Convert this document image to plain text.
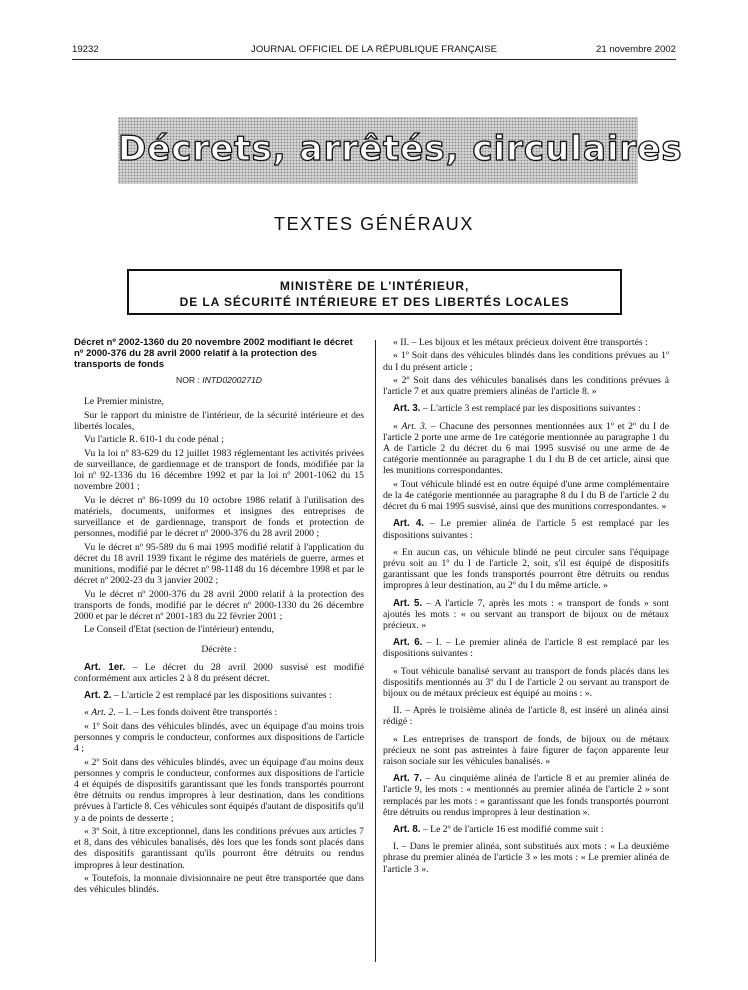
JOURNAL OFFICIEL DE LA RÉPUBLIQUE FRANÇAISE
19232	21 novembre 2002
Décrets, arrêtés, circulaires
TEXTES GÉNÉRAUX
MINISTÈRE DE L'INTÉRIEUR,
DE LA SÉCURITÉ INTÉRIEURE ET DES LIBERTÉS LOCALES

Décret nº 2002-1360 du 20 novembre 2002 modifiant le décret nº 2000-376 du 28 avril 2000 relatif à la protection des transports de fonds

NOR : INTD0200271D

Le Premier ministre,

Sur le rapport du ministre de l'intérieur, de la sécurité intérieure et des libertés locales,

Vu l'article R. 610-1 du code pénal ;

Vu la loi nº 83-629 du 12 juillet 1983 réglementant les activités privées de surveillance, de gardiennage et de transport de fonds, modifiée par la loi nº 92-1336 du 16 décembre 1992 et par la loi nº 2001-1062 du 15 novembre 2001 ;

Vu le décret nº 86-1099 du 10 octobre 1986 relatif à l'utilisation des matériels, documents, uniformes et insignes des entreprises de surveillance et de gardiennage, transport de fonds et protection de personnes, modifié par le décret nº 2000-376 du 28 avril 2000 ;

Vu le décret nº 95-589 du 6 mai 1995 modifié relatif à l'application du décret du 18 avril 1939 fixant le régime des matériels de guerre, armes et munitions, modifié par le décret nº 98-1148 du 16 décembre 1998 et par le décret nº 2002-23 du 3 janvier 2002 ;

Vu le décret nº 2000-376 du 28 avril 2000 relatif à la protection des transports de fonds, modifié par le décret nº 2000-1330 du 26 décembre 2000 et par le décret nº 2001-183 du 22 février 2001 ;

Le Conseil d'Etat (section de l'intérieur) entendu,

Décrète :

Art. 1er. – Le décret du 28 avril 2000 susvisé est modifié conformément aux articles 2 à 8 du présent décret.

Art. 2. – L'article 2 est remplacé par les dispositions suivantes :

« Art. 2. – I. – Les fonds doivent être transportés :

« 1º Soit dans des véhicules blindés, avec un équipage d'au moins trois personnes y compris le conducteur, conformes aux dispositions de l'article 4 ;

« 2º Soit dans des véhicules blindés, avec un équipage d'au moins deux personnes y compris le conducteur, conformes aux dispositions de l'article 4 et équipés de dispositifs garantissant que les fonds transportés pourront être détruits ou rendus impropres à leur destination, dans les conditions prévues à l'article 8. Ces véhicules sont équipés d'autant de dispositifs qu'il y a de points de desserte ;

« 3º Soit, à titre exceptionnel, dans les conditions prévues aux articles 7 et 8, dans des véhicules banalisés, dès lors que les fonds sont placés dans des dispositifs garantissant qu'ils pourront être détruits ou rendus impropres à leur destination.

« Toutefois, la monnaie divisionnaire ne peut être transportée que dans des véhicules blindés.

« II. – Les bijoux et les métaux précieux doivent être transportés :

« 1º Soit dans des véhicules blindés dans les conditions prévues au 1º du I du présent article ;

« 2º Soit dans des véhicules banalisés dans les conditions prévues à l'article 7 et aux quatre premiers alinéas de l'article 8. »

Art. 3. – L'article 3 est remplacé par les dispositions suivantes :

« Art. 3. – Chacune des personnes mentionnées aux 1º et 2º du I de l'article 2 porte une arme de 1re catégorie mentionnée au paragraphe 1 du A de l'article 2 du décret du 6 mai 1995 susvisé ou une arme de 4e catégorie mentionnée au paragraphe 1 du I du B de cet article, ainsi que les munitions correspondantes.

« Tout véhicule blindé est en outre équipé d'une arme complémentaire de la 4e catégorie mentionnée au paragraphe 8 du I du B de l'article 2 du décret du 6 mai 1995 susvisé, ainsi que des munitions correspondantes. »

Art. 4. – Le premier alinéa de l'article 5 est remplacé par les dispositions suivantes :

« En aucun cas, un véhicule blindé ne peut circuler sans l'équipage prévu soit au 1º du I de l'article 2, soit, s'il est équipé de dispositifs garantissant que les fonds transportés pourront être détruits ou rendus impropres à leur destination, au 2º du I du même article. »

Art. 5. – A l'article 7, après les mots : « transport de fonds » sont ajoutés les mots : « ou servant au transport de bijoux ou de métaux précieux. »

Art. 6. – I. – Le premier alinéa de l'article 8 est remplacé par les dispositions suivantes :

« Tout véhicule banalisé servant au transport de fonds placés dans les dispositifs mentionnés au 3º du I de l'article 2 ou servant au transport de bijoux ou de métaux précieux est équipé au moins : ».

II. – Après le troisième alinéa de l'article 8, est inséré un alinéa ainsi rédigé :

« Les entreprises de transport de fonds, de bijoux ou de métaux précieux ne sont pas astreintes à faire figurer de façon apparente leur raison sociale sur les véhicules banalisés. »

Art. 7. – Au cinquième alinéa de l'article 8 et au premier alinéa de l'article 9, les mots : « mentionnés au premier alinéa de l'article 2 » sont remplacés par les mots : « garantissant que les fonds transportés pourront être détruits ou rendus impropres à leur destination ».

Art. 8. – Le 2º de l'article 16 est modifié comme suit :

I. – Dans le premier alinéa, sont substitués aux mots : « La deuxième phrase du premier alinéa de l'article 3 » les mots : « Le premier alinéa de l'article 3 ».
